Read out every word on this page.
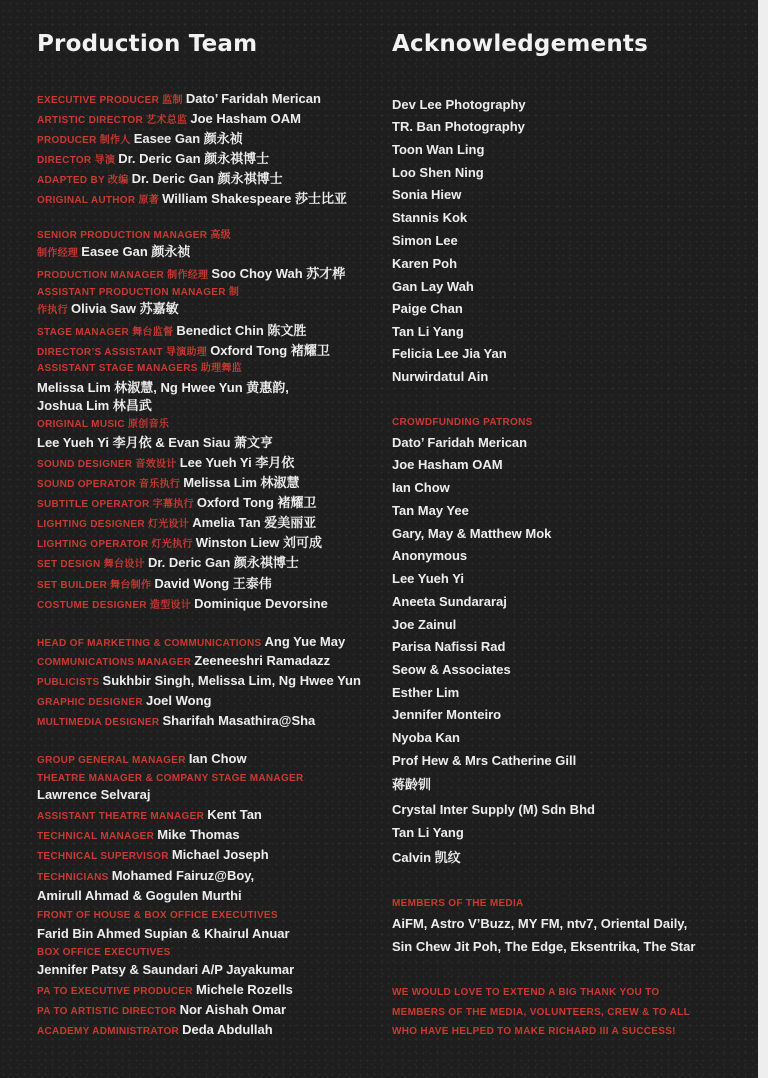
Production Team	Acknowledgements
EXECUTIVE PRODUCER 监制 Dato’ Faridah Merican
ARTISTIC DIRECTOR 艺术总监 Joe Hasham OAM
PRODUCER 制作人 Easee Gan 颜永祯
DIRECTOR 导演 Dr. Deric Gan 颜永祺博士
ADAPTED BY 改编 Dr. Deric Gan 颜永祺博士
ORIGINAL AUTHOR 原著 William Shakespeare 莎士比亚
SENIOR PRODUCTION MANAGER 高级
制作经理 Easee Gan 颜永祯
PRODUCTION MANAGER 制作经理 Soo Choy Wah 苏才桦
ASSISTANT PRODUCTION MANAGER 制
作执行 Olivia Saw 苏嘉敏
STAGE MANAGER 舞台监督 Benedict Chin 陈文胜
DIRECTOR’S ASSISTANT 导演助理 Oxford Tong 褚耀卫
ASSISTANT STAGE MANAGERS 助理舞监
Melissa Lim 林淑慧, Ng Hwee Yun 黄惠韵,
Joshua Lim 林昌武
ORIGINAL MUSIC 原创音乐
Lee Yueh Yi 李月依 & Evan Siau 萧文亨
SOUND DESIGNER 音效设计 Lee Yueh Yi 李月依
SOUND OPERATOR 音乐执行 Melissa Lim 林淑慧
SUBTITLE OPERATOR 字幕执行 Oxford Tong 褚耀卫
LIGHTING DESIGNER 灯光设计 Amelia Tan 爱美丽亚
LIGHTING OPERATOR 灯光执行 Winston Liew 刘可成
SET DESIGN 舞台设计 Dr. Deric Gan 颜永祺博士
SET BUILDER 舞台制作 David Wong 王泰伟
COSTUME DESIGNER 造型设计 Dominique Devorsine
HEAD OF MARKETING & COMMUNICATIONS Ang Yue May
COMMUNICATIONS MANAGER Zeeneeshri Ramadazz
PUBLICISTS Sukhbir Singh, Melissa Lim, Ng Hwee Yun
GRAPHIC DESIGNER Joel Wong
MULTIMEDIA DESIGNER Sharifah Masathira@Sha
GROUP GENERAL MANAGER Ian Chow
THEATRE MANAGER & COMPANY STAGE MANAGER
Lawrence Selvaraj
ASSISTANT THEATRE MANAGER Kent Tan
TECHNICAL MANAGER Mike Thomas
TECHNICAL SUPERVISOR Michael Joseph
TECHNICIANS Mohamed Fairuz@Boy,
Amirull Ahmad & Gogulen Murthi
FRONT OF HOUSE & BOX OFFICE EXECUTIVES
Farid Bin Ahmed Supian & Khairul Anuar
BOX OFFICE EXECUTIVES
Jennifer Patsy & Saundari A/P Jayakumar
PA TO EXECUTIVE PRODUCER Michele Rozells
PA TO ARTISTIC DIRECTOR Nor Aishah Omar
ACADEMY ADMINISTRATOR Deda Abdullah
Dev Lee Photography
TR. Ban Photography
Toon Wan Ling
Loo Shen Ning
Sonia Hiew
Stannis Kok
Simon Lee
Karen Poh
Gan Lay Wah
Paige Chan
Tan Li Yang
Felicia Lee Jia Yan
Nurwirdatul Ain
CROWDFUNDING PATRONS
Dato’ Faridah Merican
Joe Hasham OAM
Ian Chow
Tan May Yee
Gary, May & Matthew Mok
Anonymous
Lee Yueh Yi
Aneeta Sundararaj
Joe Zainul
Parisa Nafissi Rad
Seow & Associates
Esther Lim
Jennifer Monteiro
Nyoba Kan
Prof Hew & Mrs Catherine Gill
蒋龄钏
Crystal Inter Supply (M) Sdn Bhd
Tan Li Yang
Calvin 凯纹
MEMBERS OF THE MEDIA
AiFM, Astro V’Buzz, MY FM, ntv7, Oriental Daily,
Sin Chew Jit Poh, The Edge, Eksentrika, The Star
WE WOULD LOVE TO EXTEND A BIG THANK YOU TO
MEMBERS OF THE MEDIA, VOLUNTEERS, CREW & TO ALL
WHO HAVE HELPED TO MAKE RICHARD III A SUCCESS!
